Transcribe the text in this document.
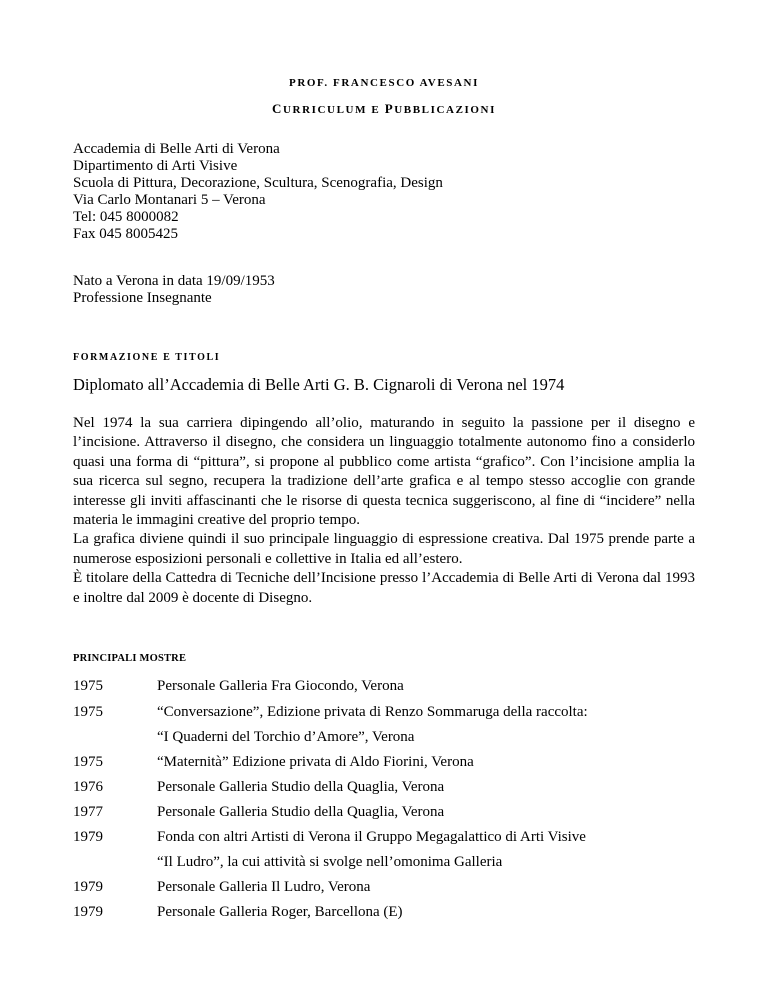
PROF. FRANCESCO AVESANI
CURRICULUM E PUBBLICAZIONI
Accademia di Belle Arti di Verona
Dipartimento di Arti Visive
Scuola di Pittura, Decorazione, Scultura, Scenografia, Design
Via Carlo Montanari 5 – Verona
Tel: 045 8000082
Fax 045 8005425
Nato a Verona in data 19/09/1953
Professione Insegnante
FORMAZIONE E TITOLI
Diplomato all’Accademia di Belle Arti G. B. Cignaroli di Verona nel 1974

Nel 1974 la sua carriera dipingendo all’olio, maturando in seguito la passione per il disegno e l’incisione. Attraverso il disegno, che considera un linguaggio totalmente autonomo fino a considerlo quasi una forma di “pittura”, si propone al pubblico come artista “grafico”. Con l’incisione amplia la sua ricerca sul segno, recupera la tradizione dell’arte grafica e al tempo stesso accoglie con grande interesse gli inviti affascinanti che le risorse di questa tecnica suggeriscono, al fine di “incidere” nella materia le immagini creative del proprio tempo.

La grafica diviene quindi il suo principale linguaggio di espressione creativa. Dal 1975 prende parte a numerose esposizioni personali e collettive in Italia ed all’estero.

È titolare della Cattedra di Tecniche dell’Incisione presso l’Accademia di Belle Arti di Verona dal 1993 e inoltre dal 2009 è docente di Disegno.

PRINCIPALI MOSTRE
1975	Personale Galleria Fra Giocondo, Verona
1975	“Conversazione”, Edizione privata di Renzo Sommaruga della raccolta:
“I Quaderni del Torchio d’Amore”, Verona
1975	“Maternità” Edizione privata di Aldo Fiorini, Verona
1976	Personale Galleria Studio della Quaglia, Verona
1977	Personale Galleria Studio della Quaglia, Verona
1979	Fonda con altri Artisti di Verona il Gruppo Megagalattico di Arti Visive
“Il Ludro”, la cui attività si svolge nell’omonima Galleria
1979	Personale Galleria Il Ludro, Verona
1979	Personale Galleria Roger, Barcellona (E)
